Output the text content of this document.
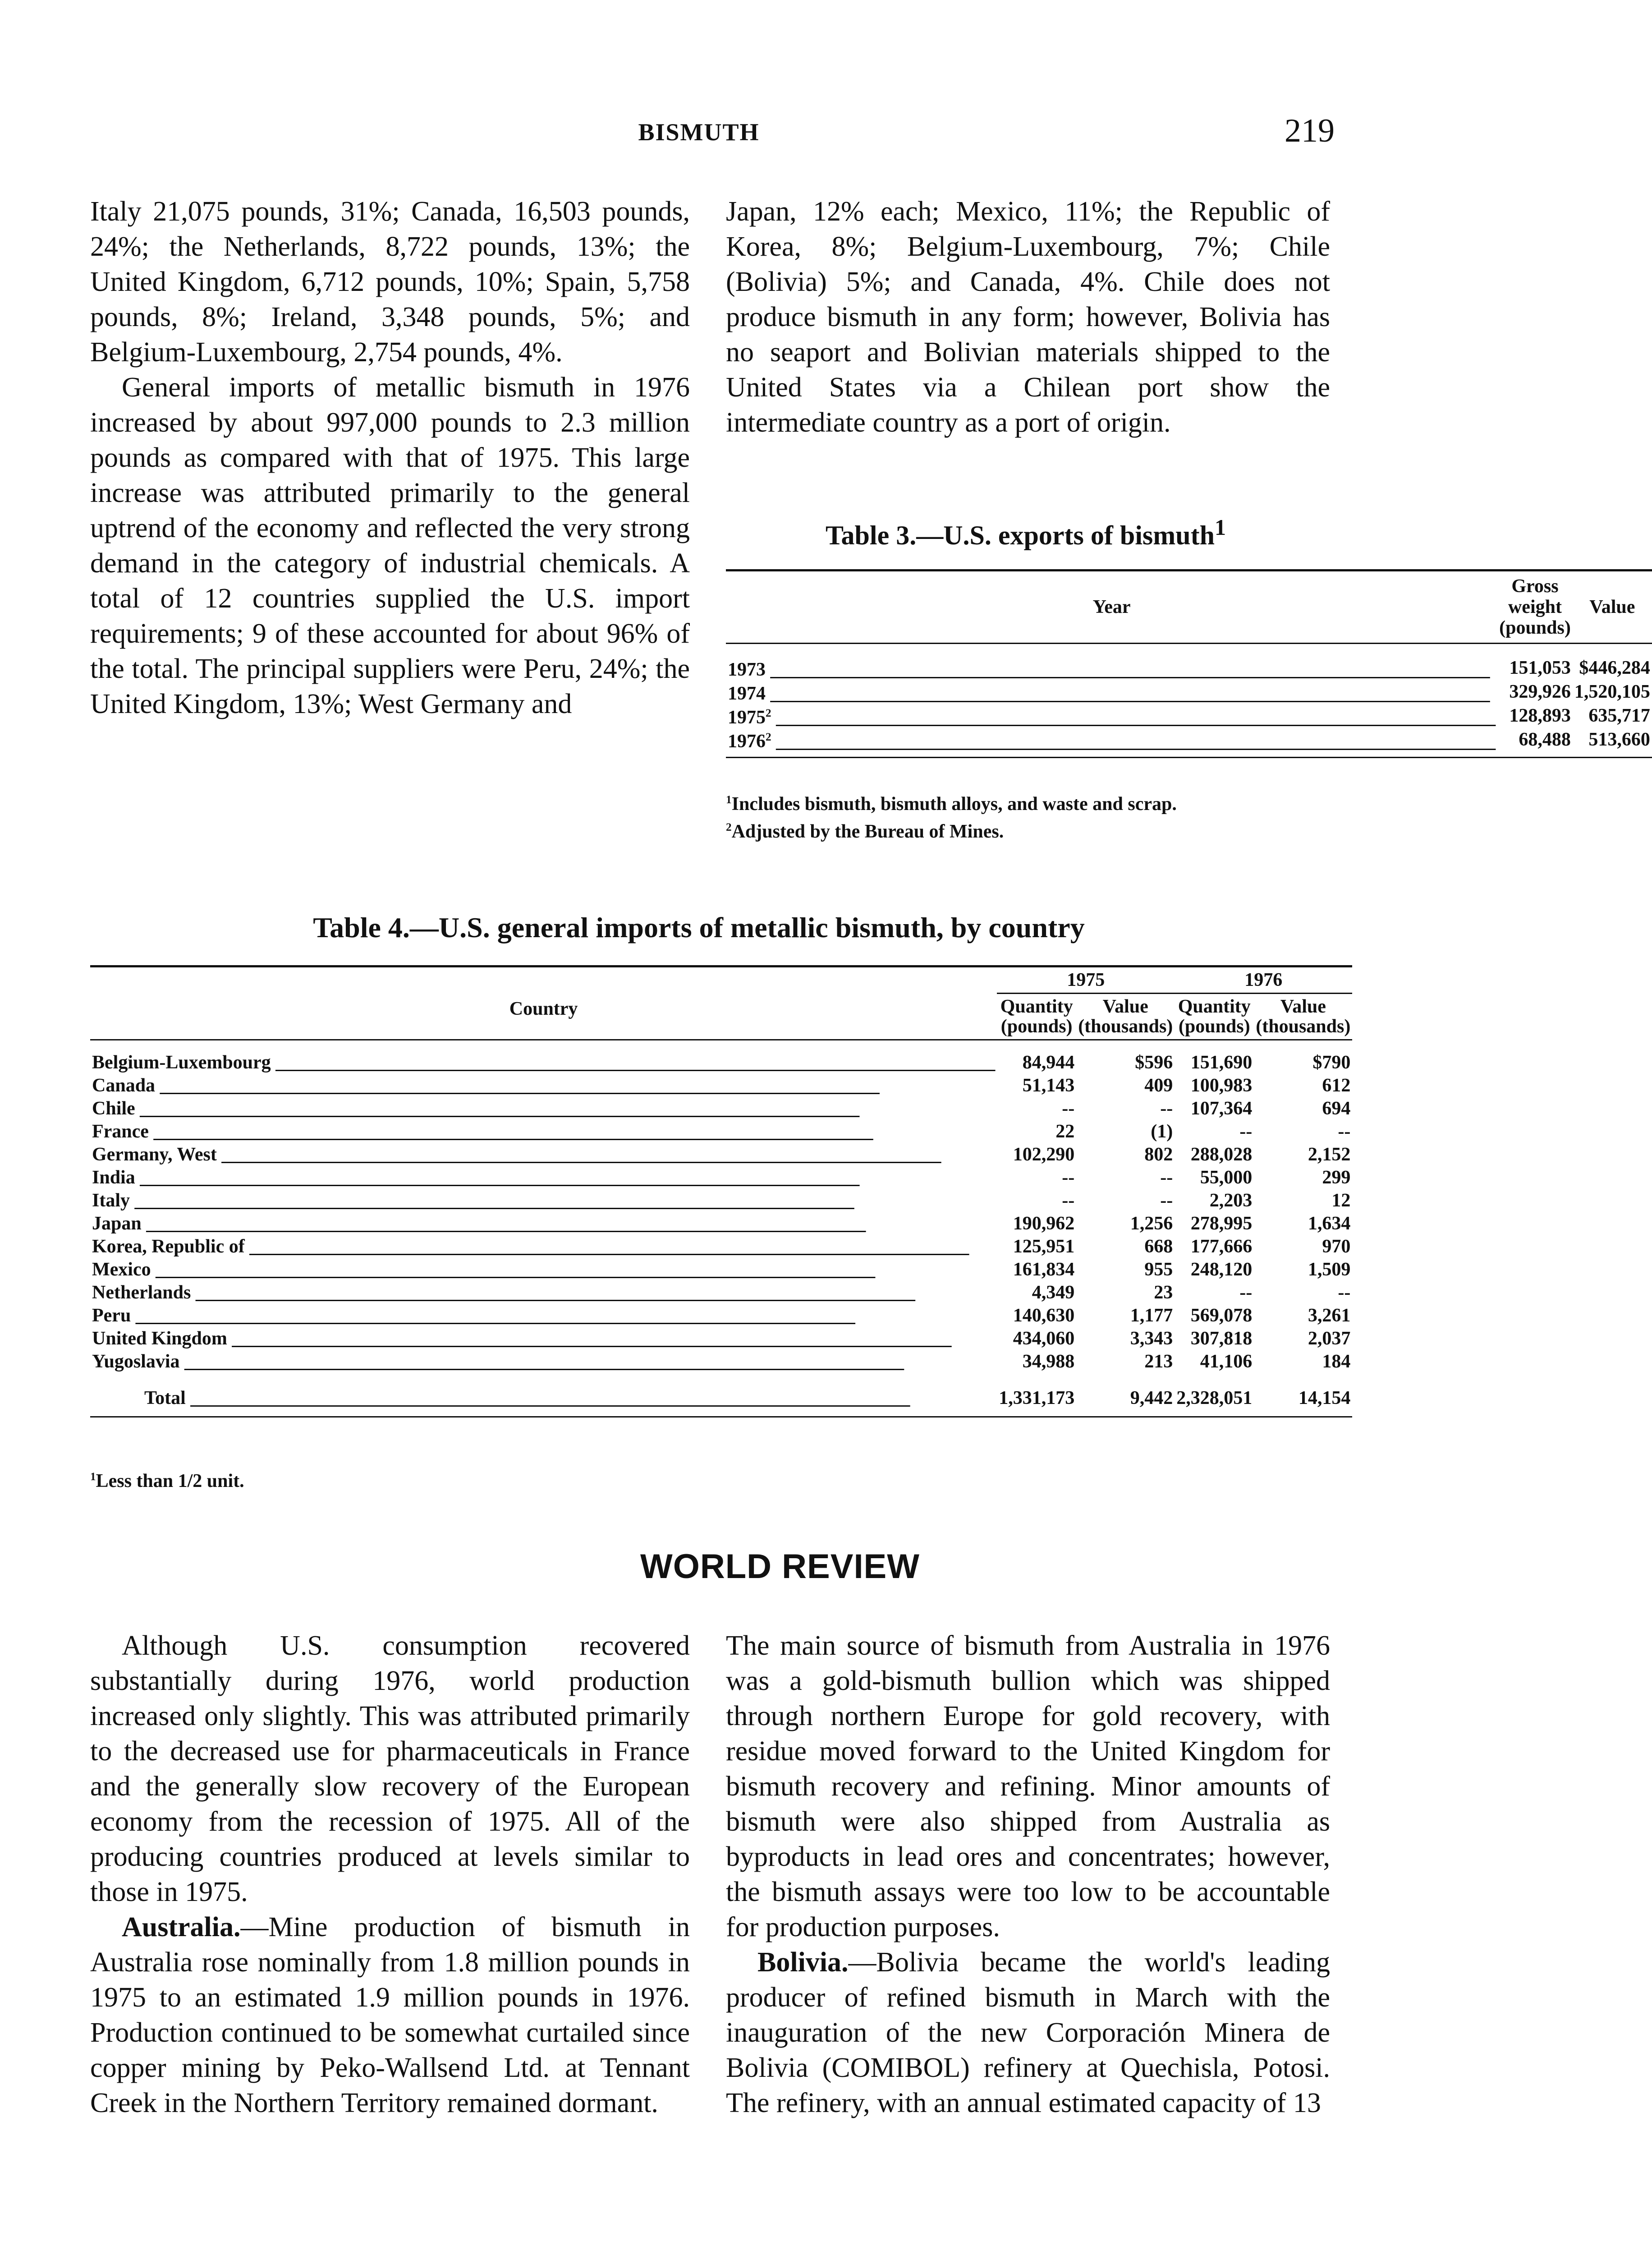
BISMUTH	219

Italy 21,075 pounds, 31%; Canada, 16,503 pounds, 24%; the Netherlands, 8,722 pounds, 13%; the United Kingdom, 6,712 pounds, 10%; Spain, 5,758 pounds, 8%; Ireland, 3,348 pounds, 5%; and Belgium-Luxembourg, 2,754 pounds, 4%.

General imports of metallic bismuth in 1976 increased by about 997,000 pounds to 2.3 million pounds as compared with that of 1975. This large increase was attributed primarily to the general uptrend of the economy and reflected the very strong demand in the category of industrial chemicals. A total of 12 countries supplied the U.S. import requirements; 9 of these accounted for about 96% of the total. The principal suppliers were Peru, 24%; the United Kingdom, 13%; West Germany and

Japan, 12% each; Mexico, 11%; the Republic of Korea, 8%; Belgium-Luxembourg, 7%; Chile (Bolivia) 5%; and Canada, 4%. Chile does not produce bismuth in any form; however, Bolivia has no seaport and Bolivian materials shipped to the United States via a Chilean port show the intermediate country as a port of origin.

Table 3.—U.S. exports of bismuth$^1$
Year	Gross weight (pounds)	Value

1973 _____	151,053	$446,284
1974 _____	329,926	1,520,105
1975$^2$ _____	128,893	635,717
1976$^2$ _____	68,488	513,660

$^1$Includes bismuth, bismuth alloys, and waste and scrap.
$^2$Adjusted by the Bureau of Mines.
Table 4.—U.S. general imports of metallic bismuth, by country
Country	1975		1976	
	Quantity (pounds)	Value (thousands)	Quantity (pounds)	Value (thousands)

Belgium-Luxembourg _____	84,944	$596	151,690	$790
Canada _____	51,143	409	100,983	612
Chile _____	--	--	107,364	694
France _____	22	(1)	--	--
Germany, West _____	102,290	802	288,028	2,152
India _____	--	--	55,000	299
Italy _____	--	--	2,203	12
Japan _____	190,962	1,256	278,995	1,634
Korea, Republic of _____	125,951	668	177,666	970
Mexico _____	161,834	955	248,120	1,509
Netherlands _____	4,349	23	--	--
Peru _____	140,630	1,177	569,078	3,261
United Kingdom _____	434,060	3,343	307,818	2,037
Yugoslavia _____	34,988	213	41,106	184

Total _____	1,331,173	9,442	2,328,051	14,154

$^1$Less than 1/2 unit.
WORLD REVIEW

Although U.S. consumption recovered substantially during 1976, world production increased only slightly. This was attributed primarily to the decreased use for pharmaceuticals in France and the generally slow recovery of the European economy from the recession of 1975. All of the producing countries produced at levels similar to those in 1975.

Australia.—Mine production of bismuth in Australia rose nominally from 1.8 million pounds in 1975 to an estimated 1.9 million pounds in 1976. Production continued to be somewhat curtailed since copper mining by Peko-Wallsend Ltd. at Tennant Creek in the Northern Territory remained dormant.

The main source of bismuth from Australia in 1976 was a gold-bismuth bullion which was shipped through northern Europe for gold recovery, with residue moved forward to the United Kingdom for bismuth recovery and refining. Minor amounts of bismuth were also shipped from Australia as byproducts in lead ores and concentrates; however, the bismuth assays were too low to be accountable for production purposes.

Bolivia.—Bolivia became the world's leading producer of refined bismuth in March with the inauguration of the new Corporación Minera de Bolivia (COMIBOL) refinery at Quechisla, Potosi. The refinery, with an annual estimated capacity of 13
